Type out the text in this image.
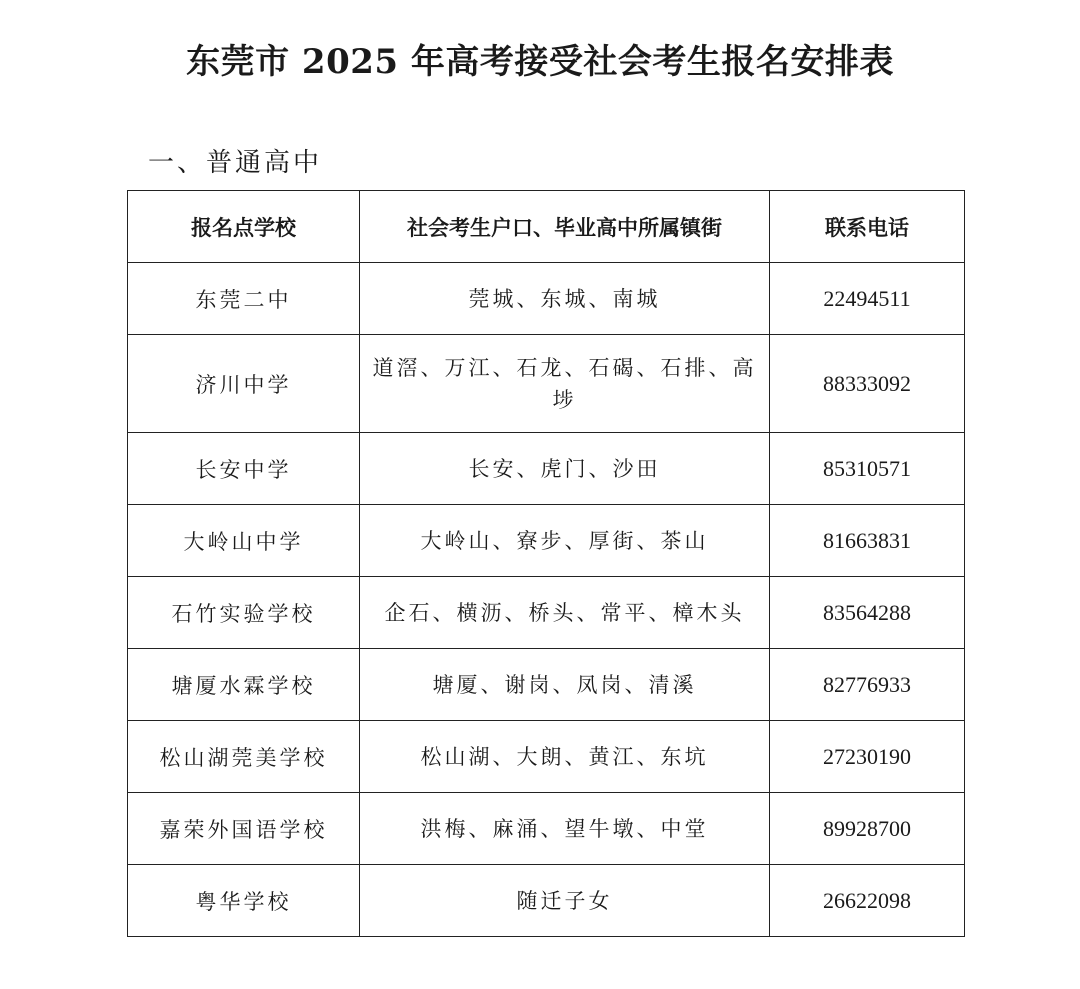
东莞市 2025 年高考接受社会考生报名安排表
一、普通高中
报名点学校	社会考生户口、毕业高中所属镇街	联系电话
东莞二中	莞城、东城、南城	22494511
济川中学	道滘、万江、石龙、石碣、石排、高埗	88333092
长安中学	长安、虎门、沙田	85310571
大岭山中学	大岭山、寮步、厚街、茶山	81663831
石竹实验学校	企石、横沥、桥头、常平、樟木头	83564288
塘厦水霖学校	塘厦、谢岗、凤岗、清溪	82776933
松山湖莞美学校	松山湖、大朗、黄江、东坑	27230190
嘉荣外国语学校	洪梅、麻涌、望牛墩、中堂	89928700
粤华学校	随迁子女	26622098
